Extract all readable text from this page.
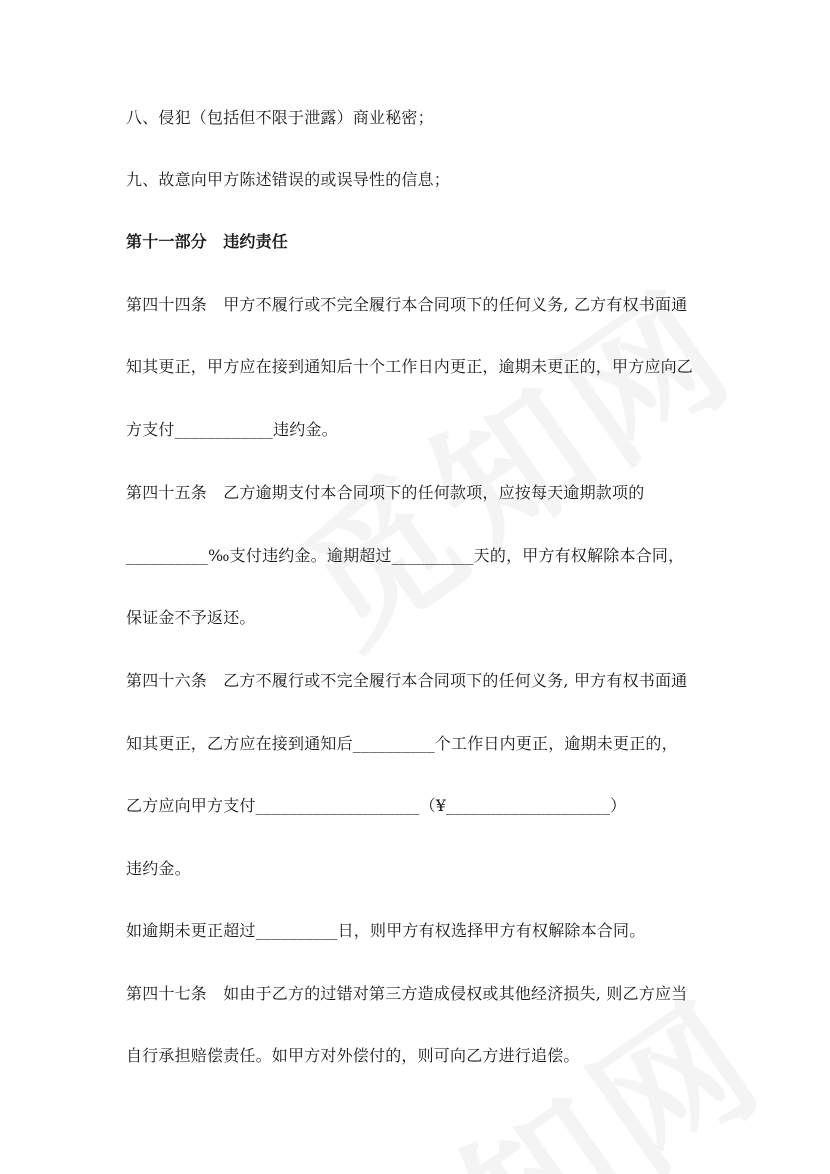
八、侵犯（包括但不限于泄露）商业秘密；
九、故意向甲方陈述错误的或误导性的信息；
第十一部分　违约责任
第四十四条　甲方不履行或不完全履行本合同项下的任何义务, 乙方有权书面通
知其更正，甲方应在接到通知后十个工作日内更正，逾期未更正的，甲方应向乙
方支付____________违约金。
第四十五条　乙方逾期支付本合同项下的任何款项，应按每天逾期款项的
__________‰支付违约金。逾期超过__________天的，甲方有权解除本合同，
保证金不予返还。
第四十六条　乙方不履行或不完全履行本合同项下的任何义务, 甲方有权书面通
知其更正，乙方应在接到通知后__________个工作日内更正，逾期未更正的，
乙方应向甲方支付____________________（¥____________________）
违约金。
如逾期未更正超过__________日，则甲方有权选择甲方有权解除本合同。
第四十七条　如由于乙方的过错对第三方造成侵权或其他经济损失, 则乙方应当
自行承担赔偿责任。如甲方对外偿付的，则可向乙方进行追偿。
